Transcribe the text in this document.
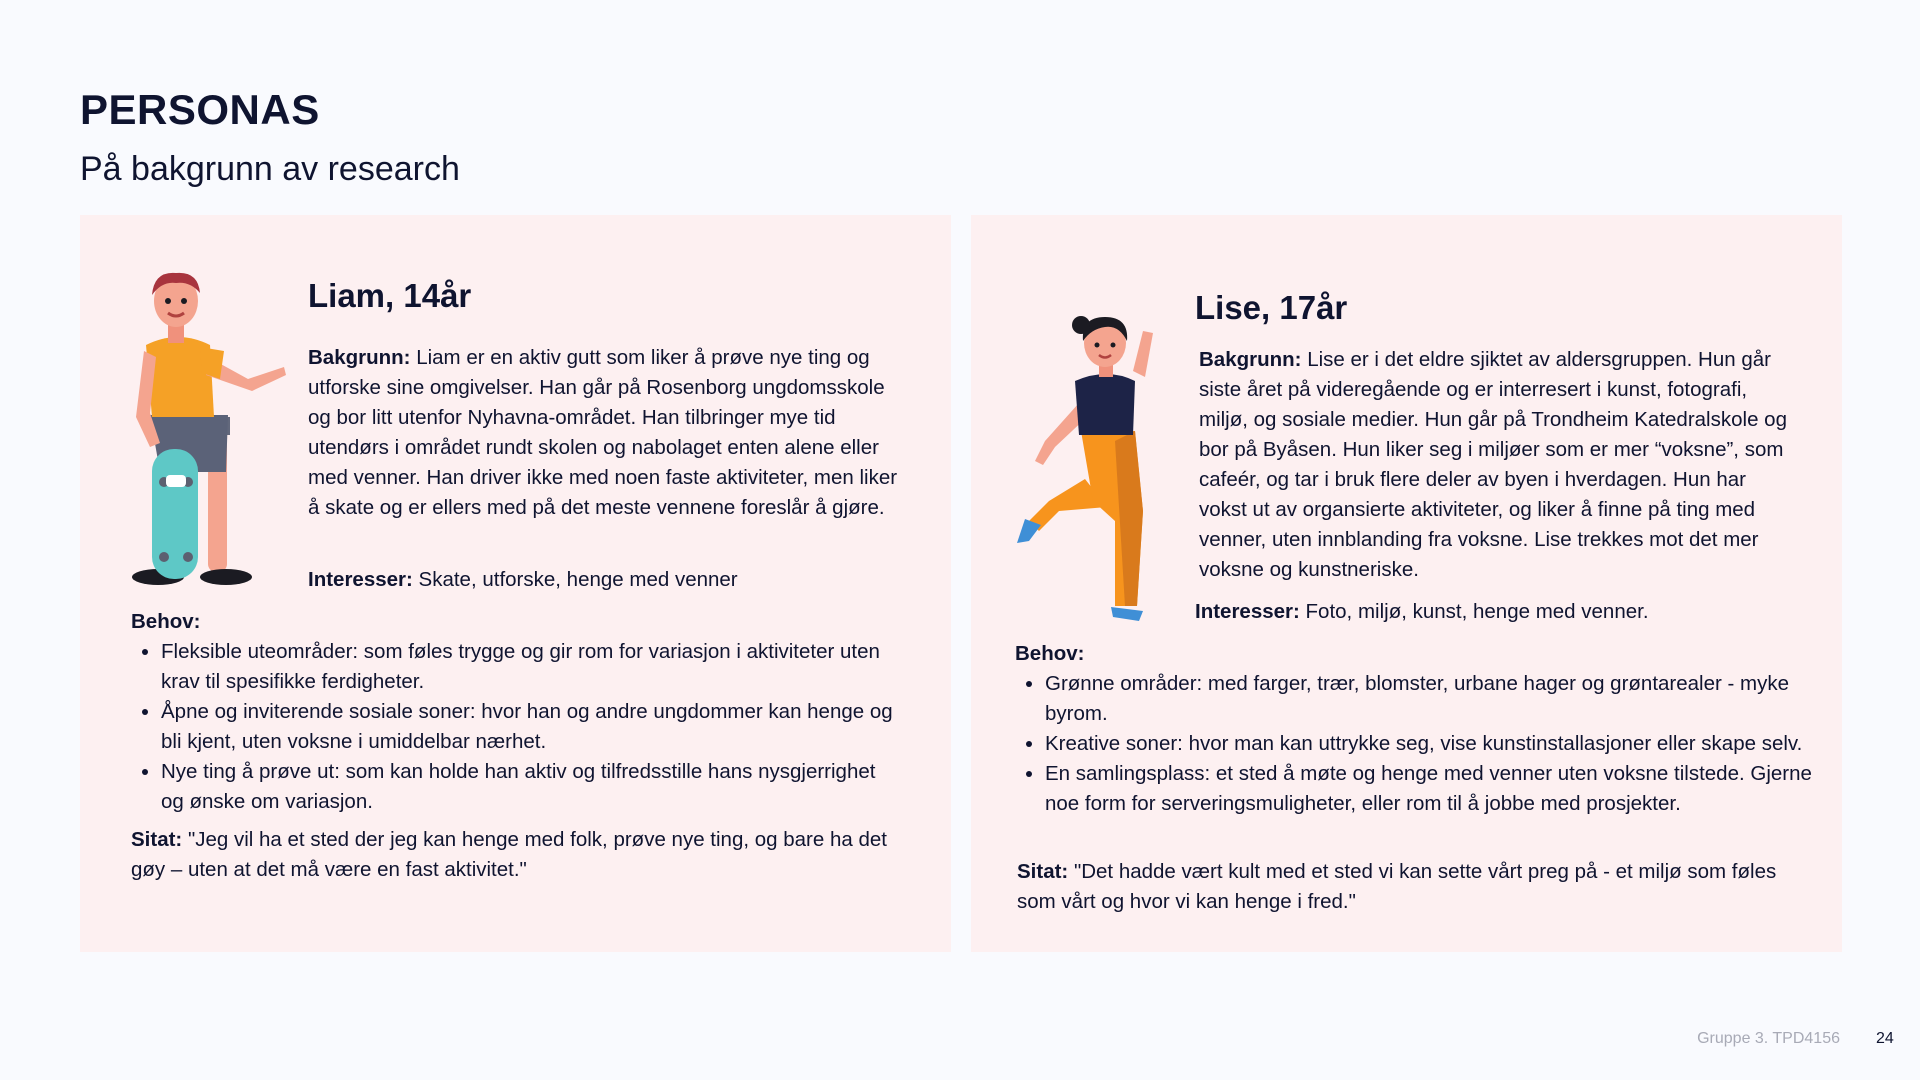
PERSONAS
På bakgrunn av research
Liam, 14år

Bakgrunn: Liam er en aktiv gutt som liker å prøve nye ting og utforske sine omgivelser. Han går på Rosenborg ungdomsskole og bor litt utenfor Nyhavna-området. Han tilbringer mye tid utendørs i området rundt skolen og nabolaget enten alene eller med venner. Han driver ikke med noen faste aktiviteter, men liker å skate og er ellers med på det meste vennene foreslår å gjøre.

Interesser: Skate, utforske, henge med venner

Behov:

• Fleksible uteområder: som føles trygge og gir rom for variasjon i aktiviteter uten krav til spesifikke ferdigheter.
• Åpne og inviterende sosiale soner: hvor han og andre ungdommer kan henge og bli kjent, uten voksne i umiddelbar nærhet.
• Nye ting å prøve ut: som kan holde han aktiv og tilfredsstille hans nysgjerrighet og ønske om variasjon.

Sitat: "Jeg vil ha et sted der jeg kan henge med folk, prøve nye ting, og bare ha det gøy – uten at det må være en fast aktivitet."

Lise, 17år

Bakgrunn: Lise er i det eldre sjiktet av aldersgruppen. Hun går siste året på videregående og er interresert i kunst, fotografi, miljø, og sosiale medier. Hun går på Trondheim Katedralskole og bor på Byåsen. Hun liker seg i miljøer som er mer “voksne”, som cafeér, og tar i bruk flere deler av byen i hverdagen. Hun har vokst ut av organsierte aktiviteter, og liker å finne på ting med venner, uten innblanding fra voksne. Lise trekkes mot det mer voksne og kunstneriske.

Interesser: Foto, miljø, kunst, henge med venner.

Behov:

• Grønne områder: med farger, trær, blomster, urbane hager og grøntarealer - myke byrom.
• Kreative soner: hvor man kan uttrykke seg, vise kunstinstallasjoner eller skape selv.
• En samlingsplass: et sted å møte og henge med venner uten voksne tilstede. Gjerne noe form for serveringsmuligheter, eller rom til å jobbe med prosjekter.

Sitat: "Det hadde vært kult med et sted vi kan sette vårt preg på - et miljø som føles som vårt og hvor vi kan henge i fred."

Gruppe 3. TPD4156 24
